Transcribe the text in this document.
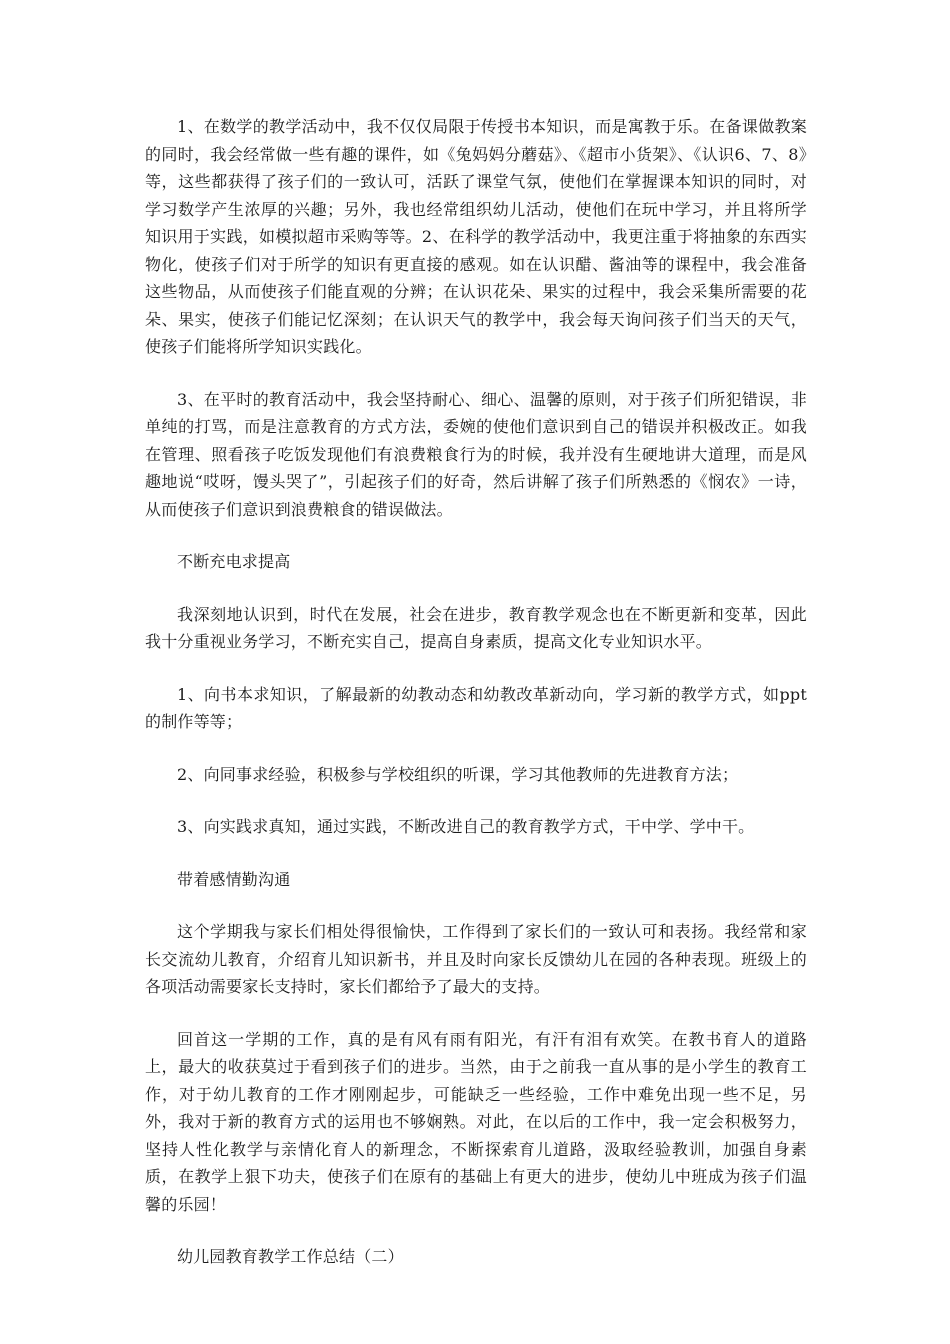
1、在数学的教学活动中，我不仅仅局限于传授书本知识，而是寓教于乐。在备课做教案的同时，我会经常做一些有趣的课件，如《兔妈妈分蘑菇》、《超市小货架》、《认识6、7、8》等，这些都获得了孩子们的一致认可，活跃了课堂气氛，使他们在掌握课本知识的同时，对学习数学产生浓厚的兴趣；另外，我也经常组织幼儿活动，使他们在玩中学习，并且将所学知识用于实践，如模拟超市采购等等。2、在科学的教学活动中，我更注重于将抽象的东西实物化，使孩子们对于所学的知识有更直接的感观。如在认识醋、酱油等的课程中，我会准备这些物品，从而使孩子们能直观的分辨；在认识花朵、果实的过程中，我会采集所需要的花朵、果实，使孩子们能记忆深刻；在认识天气的教学中，我会每天询问孩子们当天的天气，使孩子们能将所学知识实践化。

3、在平时的教育活动中，我会坚持耐心、细心、温馨的原则，对于孩子们所犯错误，非单纯的打骂，而是注意教育的方式方法，委婉的使他们意识到自己的错误并积极改正。如我在管理、照看孩子吃饭发现他们有浪费粮食行为的时候，我并没有生硬地讲大道理，而是风趣地说“哎呀，馒头哭了”，引起孩子们的好奇，然后讲解了孩子们所熟悉的《悯农》一诗，从而使孩子们意识到浪费粮食的错误做法。

不断充电求提高

我深刻地认识到，时代在发展，社会在进步，教育教学观念也在不断更新和变革，因此我十分重视业务学习，不断充实自己，提高自身素质，提高文化专业知识水平。

1、向书本求知识，了解最新的幼教动态和幼教改革新动向，学习新的教学方式，如ppt的制作等等；

2、向同事求经验，积极参与学校组织的听课，学习其他教师的先进教育方法；

3、向实践求真知，通过实践，不断改进自己的教育教学方式，干中学、学中干。

带着感情勤沟通

这个学期我与家长们相处得很愉快，工作得到了家长们的一致认可和表扬。我经常和家长交流幼儿教育，介绍育儿知识新书，并且及时向家长反馈幼儿在园的各种表现。班级上的各项活动需要家长支持时，家长们都给予了最大的支持。

回首这一学期的工作，真的是有风有雨有阳光，有汗有泪有欢笑。在教书育人的道路上，最大的收获莫过于看到孩子们的进步。当然，由于之前我一直从事的是小学生的教育工作，对于幼儿教育的工作才刚刚起步，可能缺乏一些经验，工作中难免出现一些不足，另外，我对于新的教育方式的运用也不够娴熟。对此，在以后的工作中，我一定会积极努力，坚持人性化教学与亲情化育人的新理念，不断探索育儿道路，汲取经验教训，加强自身素质，在教学上狠下功夫，使孩子们在原有的基础上有更大的进步，使幼儿中班成为孩子们温馨的乐园！

幼儿园教育教学工作总结（二）
